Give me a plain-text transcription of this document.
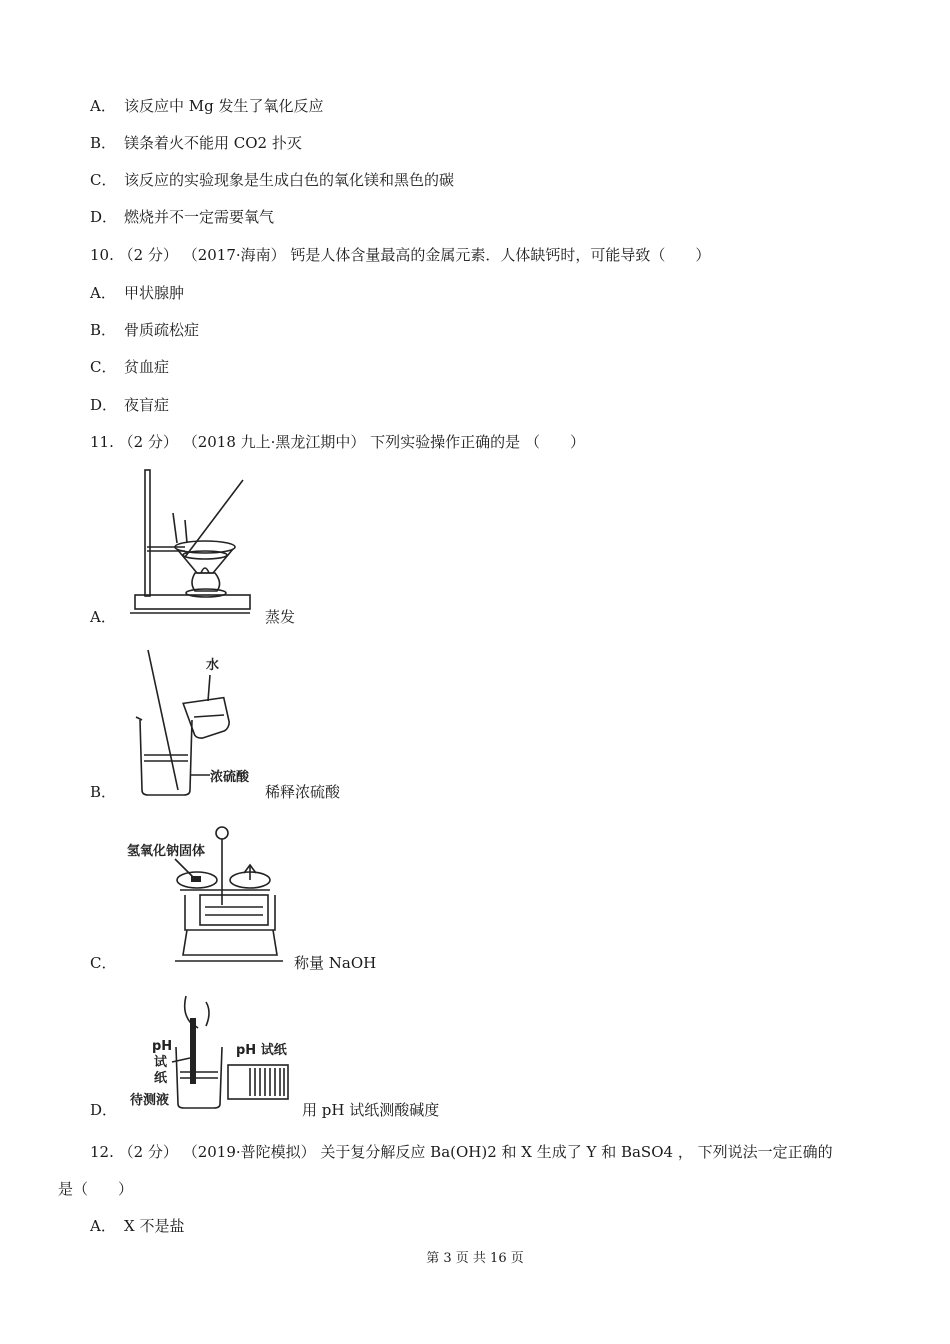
A． 该反应中 Mg 发生了氧化反应
B． 镁条着火不能用 CO2 扑灭
C． 该反应的实验现象是生成白色的氧化镁和黑色的碳
D． 燃烧并不一定需要氧气
10. （2 分） （2017·海南） 钙是人体含量最高的金属元素．人体缺钙时，可能导致（　　）
A． 甲状腺肿
B． 骨质疏松症
C． 贫血症
D． 夜盲症
11. （2 分） （2018 九上·黑龙江期中） 下列实验操作正确的是 （　　）
A．	蒸发
B．
水
浓硫酸
稀释浓硫酸
C．
氢氧化钠固体
称量 NaOH
D．
pH
试
纸
待测液
pH 试纸
用 pH 试纸测酸碱度
12. （2 分） （2019·普陀模拟） 关于复分解反应 Ba(OH)2 和 X 生成了 Y 和 BaSO4 ， 下列说法一定正确的
是（　　）
A． X 不是盐
第 3 页 共 16 页
